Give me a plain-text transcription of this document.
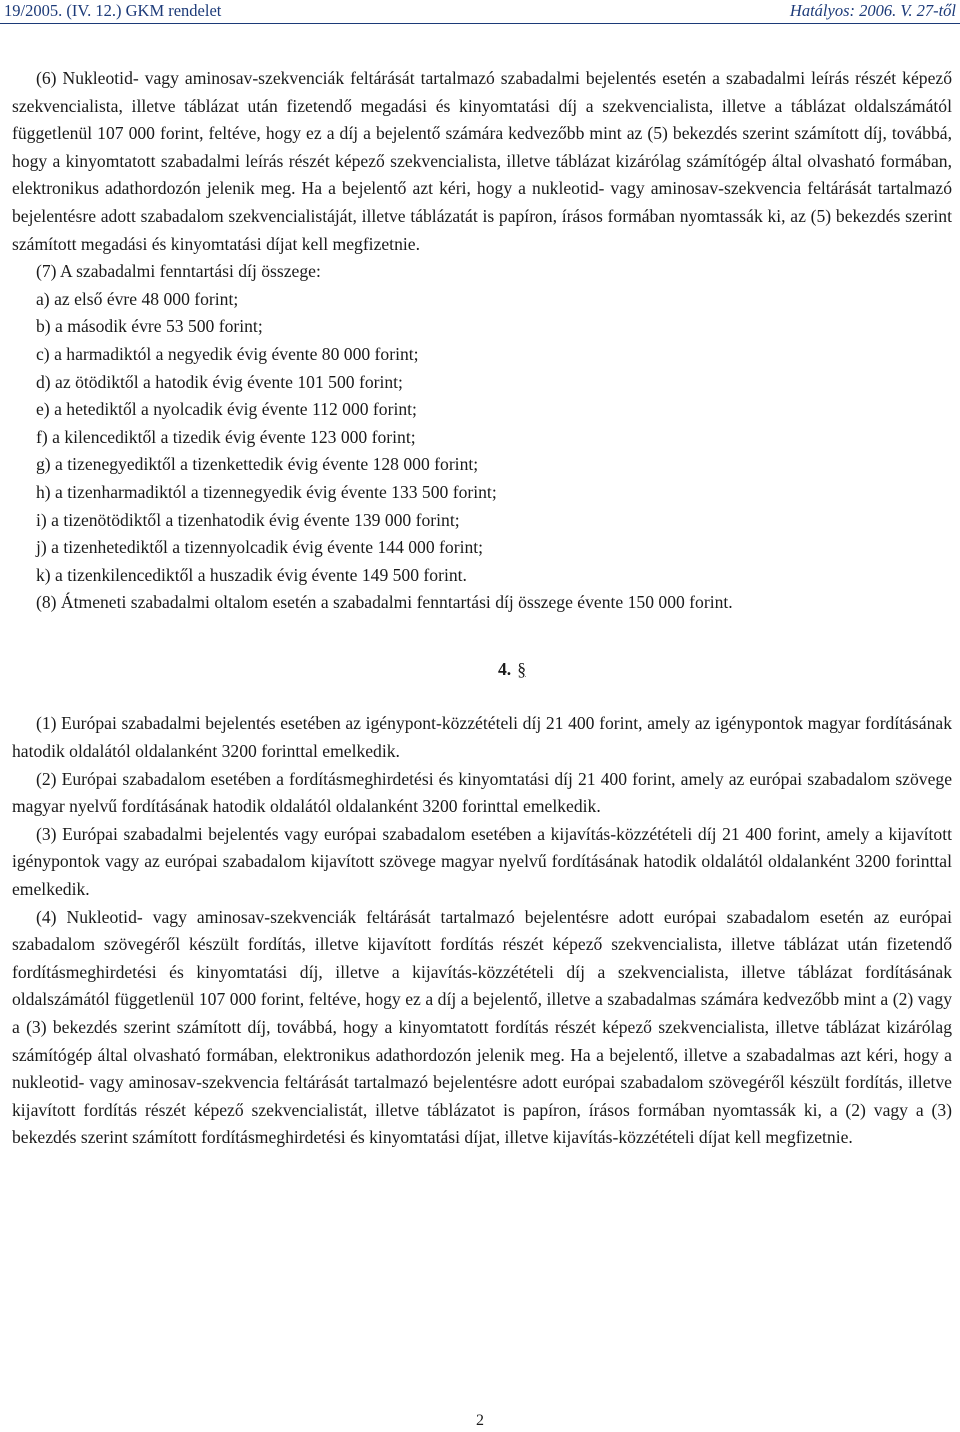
19/2005. (IV. 12.) GKM rendelet	Hatályos: 2006. V. 27-től

(6) Nukleotid- vagy aminosav-szekvenciák feltárását tartalmazó szabadalmi bejelentés esetén a szabadalmi leírás részét képező szekvencialista, illetve táblázat után fizetendő megadási és kinyomtatási díj a szekvencialista, illetve a táblázat oldalszámától függetlenül 107 000 forint, feltéve, hogy ez a díj a bejelentő számára kedvezőbb mint az (5) bekezdés szerint számított díj, továbbá, hogy a kinyomtatott szabadalmi leírás részét képező szekvencialista, illetve táblázat kizárólag számítógép által olvasható formában, elektronikus adathordozón jelenik meg. Ha a bejelentő azt kéri, hogy a nukleotid- vagy aminosav-szekvencia feltárását tartalmazó bejelentésre adott szabadalom szekvencialistáját, illetve táblázatát is papíron, írásos formában nyomtassák ki, az (5) bekezdés szerint számított megadási és kinyomtatási díjat kell megfizetnie.

(7) A szabadalmi fenntartási díj összege:

a) az első évre 48 000 forint;

b) a második évre 53 500 forint;

c) a harmadiktól a negyedik évig évente 80 000 forint;

d) az ötödiktől a hatodik évig évente 101 500 forint;

e) a hetediktől a nyolcadik évig évente 112 000 forint;

f) a kilencediktől a tizedik évig évente 123 000 forint;

g) a tizenegyediktől a tizenkettedik évig évente 128 000 forint;

h) a tizenharmadiktól a tizennegyedik évig évente 133 500 forint;

i) a tizenötödiktől a tizenhatodik évig évente 139 000 forint;

j) a tizenhetediktől a tizennyolcadik évig évente 144 000 forint;

k) a tizenkilencediktől a huszadik évig évente 149 500 forint.

(8) Átmeneti szabadalmi oltalom esetén a szabadalmi fenntartási díj összege évente 150 000 forint.

4. §

(1) Európai szabadalmi bejelentés esetében az igénypont-közzétételi díj 21 400 forint, amely az igénypontok magyar fordításának hatodik oldalától oldalanként 3200 forinttal emelkedik.

(2) Európai szabadalom esetében a fordításmeghirdetési és kinyomtatási díj 21 400 forint, amely az európai szabadalom szövege magyar nyelvű fordításának hatodik oldalától oldalanként 3200 forinttal emelkedik.

(3) Európai szabadalmi bejelentés vagy európai szabadalom esetében a kijavítás-közzétételi díj 21 400 forint, amely a kijavított igénypontok vagy az európai szabadalom kijavított szövege magyar nyelvű fordításának hatodik oldalától oldalanként 3200 forinttal emelkedik.

(4) Nukleotid- vagy aminosav-szekvenciák feltárását tartalmazó bejelentésre adott európai szabadalom esetén az európai szabadalom szövegéről készült fordítás, illetve kijavított fordítás részét képező szekvencialista, illetve táblázat után fizetendő fordításmeghirdetési és kinyomtatási díj, illetve a kijavítás-közzétételi díj a szekvencialista, illetve táblázat fordításának oldalszámától függetlenül 107 000 forint, feltéve, hogy ez a díj a bejelentő, illetve a szabadalmas számára kedvezőbb mint a (2) vagy a (3) bekezdés szerint számított díj, továbbá, hogy a kinyomtatott fordítás részét képező szekvencialista, illetve táblázat kizárólag számítógép által olvasható formában, elektronikus adathordozón jelenik meg. Ha a bejelentő, illetve a szabadalmas azt kéri, hogy a nukleotid- vagy aminosav-szekvencia feltárását tartalmazó bejelentésre adott európai szabadalom szövegéről készült fordítás, illetve kijavított fordítás részét képező szekvencialistát, illetve táblázatot is papíron, írásos formában nyomtassák ki, a (2) vagy a (3) bekezdés szerint számított fordításmeghirdetési és kinyomtatási díjat, illetve kijavítás-közzétételi díjat kell megfizetnie.

2
